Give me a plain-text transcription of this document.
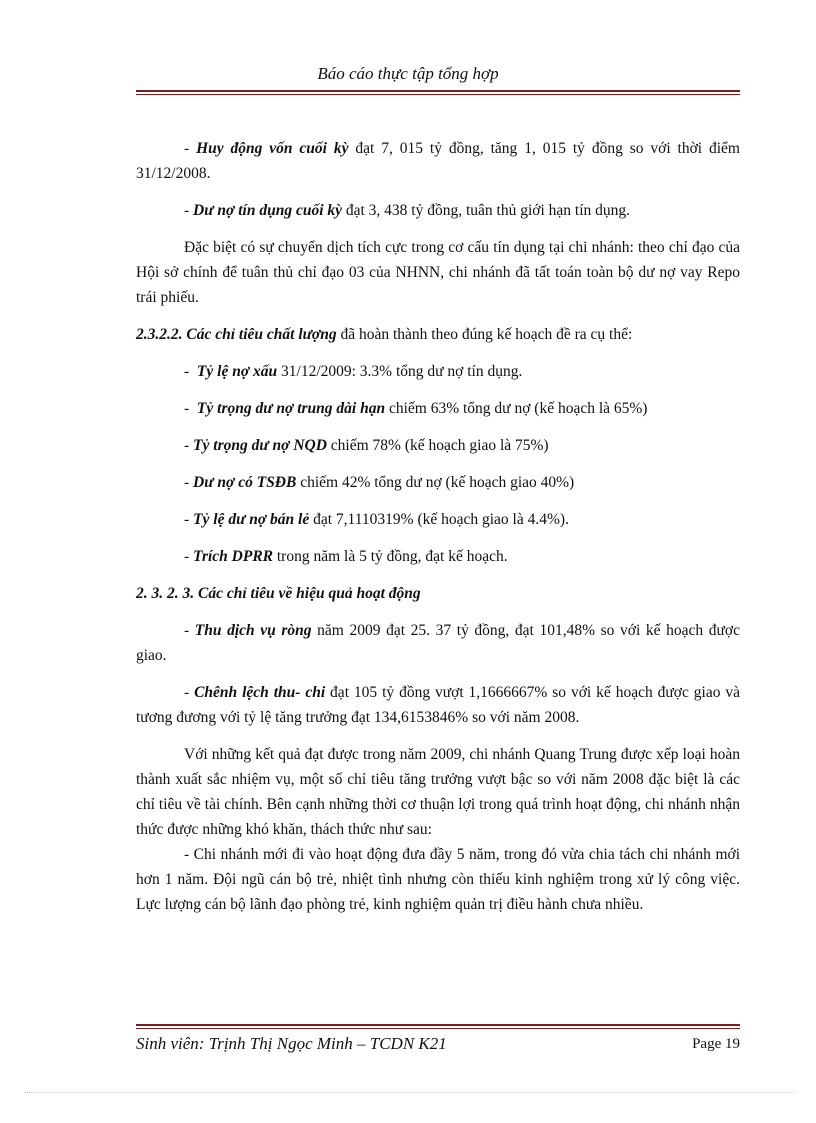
Báo cáo thực tập tổng hợp

- Huy động vốn cuối kỳ đạt 7, 015 tỷ đồng, tăng 1, 015 tỷ đồng so với thời điểm 31/12/2008.

- Dư nợ tín dụng cuối kỳ đạt 3, 438 tỷ đồng, tuân thủ giới hạn tín dụng.

Đặc biệt có sự chuyển dịch tích cực trong cơ cấu tín dụng tại chi nhánh: theo chỉ đạo của Hội sở chính để tuân thủ chỉ đạo 03 của NHNN, chi nhánh đã tất toán toàn bộ dư nợ vay Repo trái phiếu.

2.3.2.2. Các chỉ tiêu chất lượng đã hoàn thành theo đúng kế hoạch đề ra cụ thể:

-  Tỷ lệ nợ xấu 31/12/2009: 3.3% tổng dư nợ tín dụng.

-  Tỷ trọng dư nợ trung dài hạn chiếm 63% tổng dư nợ (kế hoạch là 65%)

- Tỷ trọng dư nợ NQD chiếm 78% (kế hoạch giao là 75%)

- Dư nợ có TSĐB chiếm 42% tổng dư nợ (kế hoạch giao 40%)

- Tỷ lệ dư nợ bán lẻ đạt 7,1110319% (kế hoạch giao là 4.4%).

- Trích DPRR trong năm là 5 tỷ đồng, đạt kế hoạch.

2. 3. 2. 3. Các chỉ tiêu về hiệu quả hoạt động

- Thu dịch vụ ròng năm 2009 đạt 25. 37 tỷ đồng, đạt 101,48% so với kế hoạch được giao.

- Chênh lệch thu- chi đạt 105 tỷ đồng vượt 1,1666667% so với kế hoạch được giao và tương đương với tỷ lệ tăng trưởng đạt 134,6153846% so với năm 2008.

Với những kết quả đạt được trong năm 2009, chi nhánh Quang Trung được xếp loại hoàn thành xuất sắc nhiệm vụ, một số chỉ tiêu tăng trưởng vượt bậc so với năm 2008 đặc biệt là các chỉ tiêu về tài chính. Bên cạnh những thời cơ thuận lợi trong quá trình hoạt động, chi nhánh nhận thức được những khó khăn, thách thức như sau:

- Chi nhánh mới đi vào hoạt động đưa đầy 5 năm, trong đó vừa chia tách chi nhánh mới hơn 1 năm. Đội ngũ cán bộ trẻ, nhiệt tình nhưng còn thiếu kinh nghiệm trong xử lý công việc. Lực lượng cán bộ lãnh đạo phòng trẻ, kinh nghiệm quản trị điều hành chưa nhiều.

Sinh viên: Trịnh Thị Ngọc Minh – TCDN K21	Page 19
